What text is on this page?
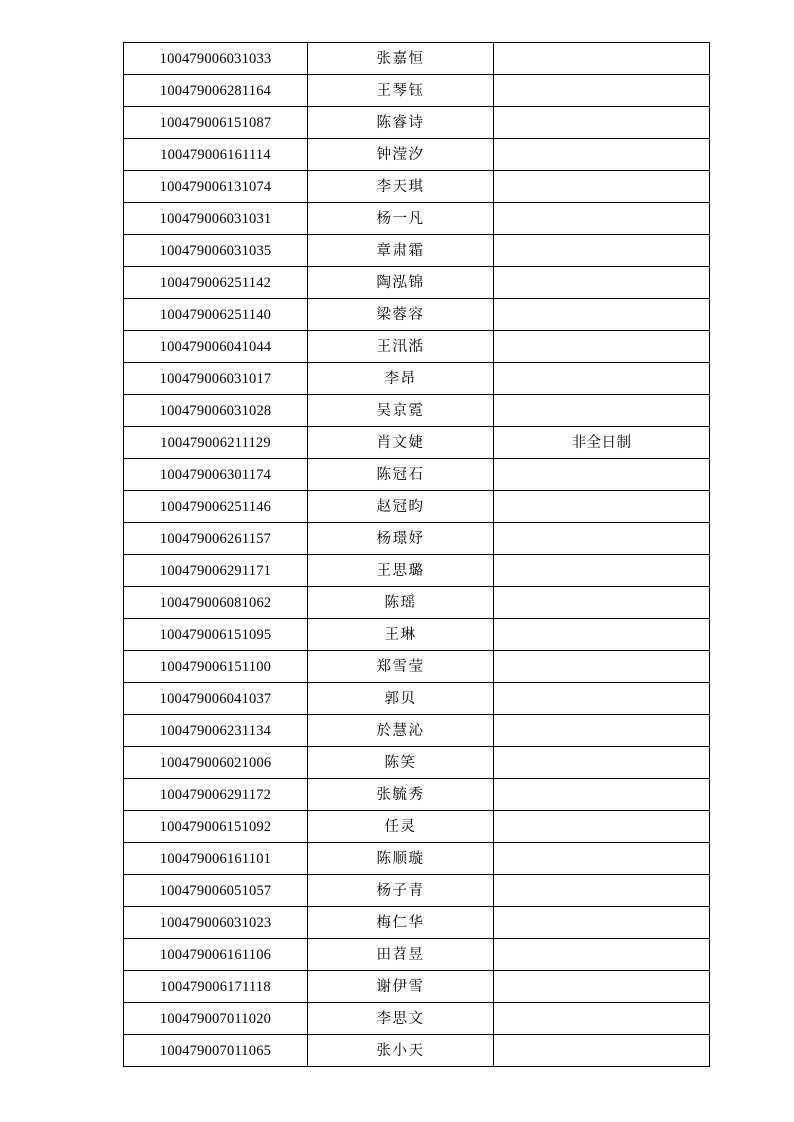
100479006031033	张嘉恒	
100479006281164	王琴钰	
100479006151087	陈睿诗	
100479006161114	钟滢汐	
100479006131074	李天琪	
100479006031031	杨一凡	
100479006031035	章肃霜	
100479006251142	陶泓锦	
100479006251140	梁蓉容	
100479006041044	王汛湉	
100479006031017	李昂	
100479006031028	吴京霓	
100479006211129	肖文婕	非全日制
100479006301174	陈冠石	
100479006251146	赵冠昀	
100479006261157	杨璟妤	
100479006291171	王思璐	
100479006081062	陈瑶	
100479006151095	王琳	
100479006151100	郑雪莹	
100479006041037	郭贝	
100479006231134	於慧沁	
100479006021006	陈笑	
100479006291172	张毓秀	
100479006151092	任灵	
100479006161101	陈顺璇	
100479006051057	杨子青	
100479006031023	梅仁华	
100479006161106	田苕昱	
100479006171118	谢伊雪	
100479007011020	李思文	
100479007011065	张小天	
